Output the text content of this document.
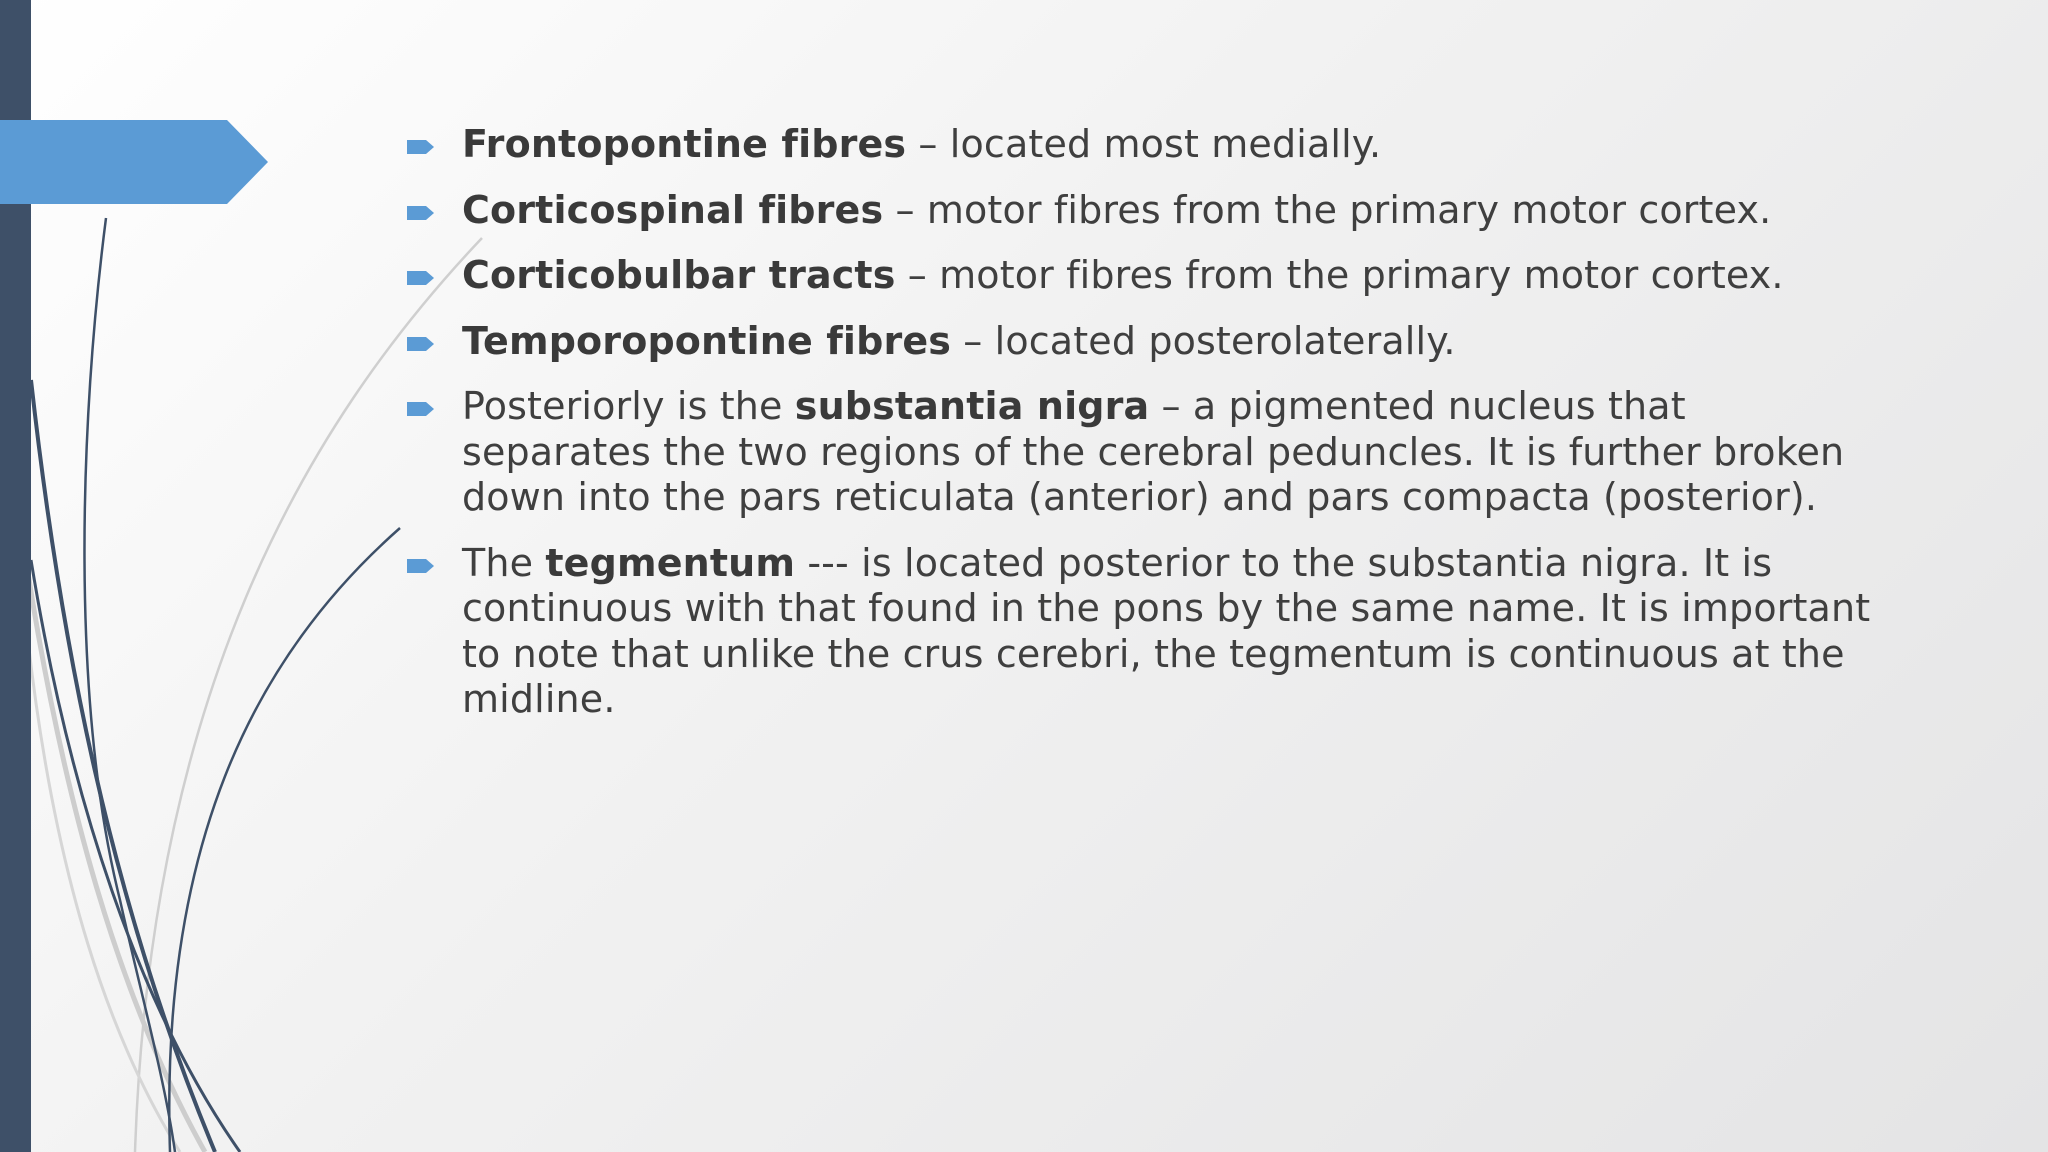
Frontopontine fibres – located most medially.
Corticospinal fibres – motor fibres from the primary motor cortex.
Corticobulbar tracts – motor fibres from the primary motor cortex.
Temporopontine fibres – located posterolaterally.
Posteriorly is the substantia nigra – a pigmented nucleus that separates the two regions of the cerebral peduncles. It is further broken down into the pars reticulata (anterior) and pars compacta (posterior).
The tegmentum --- is located posterior to the substantia nigra. It is continuous with that found in the pons by the same name. It is important to note that unlike the crus cerebri, the tegmentum is continuous at the midline.
